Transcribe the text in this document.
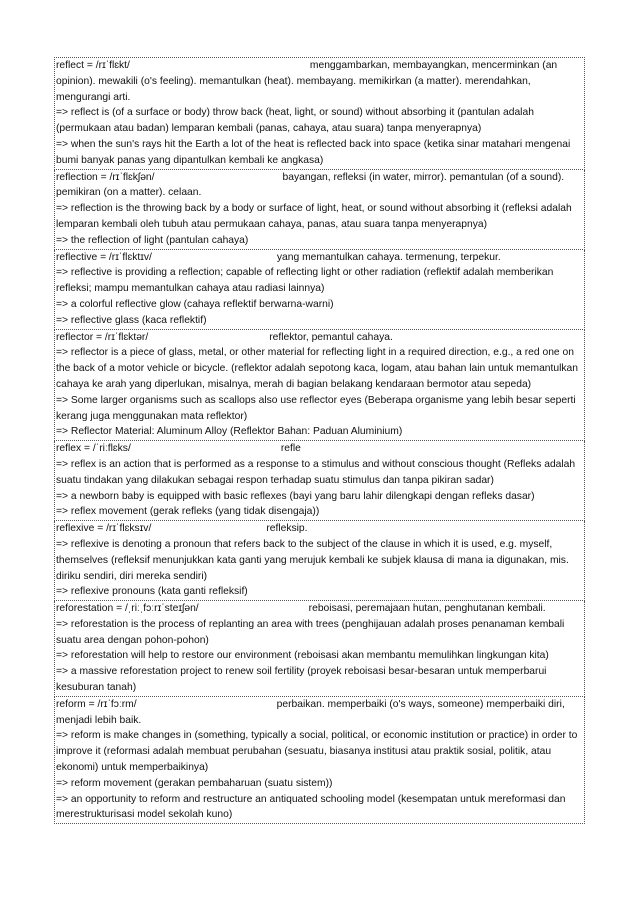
reflect = /rɪˈflɛkt/	menggambarkan, membayangkan, mencerminkan (an opinion). mewakili (o's feeling). memantulkan (heat). membayang. memikirkan (a matter). merendahkan, mengurangi arti.

=> reflect is (of a surface or body) throw back (heat, light, or sound) without absorbing it (pantulan adalah (permukaan atau badan) lemparan kembali (panas, cahaya, atau suara) tanpa menyerapnya)

=> when the sun's rays hit the Earth a lot of the heat is reflected back into space (ketika sinar matahari mengenai bumi banyak panas yang dipantulkan kembali ke angkasa)

reflection = /rɪˈflɛkʃən/	bayangan, refleksi (in water, mirror). pemantulan (of a sound). pemikiran (on a matter). celaan.

=> reflection is the throwing back by a body or surface of light, heat, or sound without absorbing it (refleksi adalah lemparan kembali oleh tubuh atau permukaan cahaya, panas, atau suara tanpa menyerapnya)

=> the reflection of light (pantulan cahaya)

reflective = /rɪˈflɛktɪv/	yang memantulkan cahaya. termenung, terpekur.

=> reflective is providing a reflection; capable of reflecting light or other radiation (reflektif adalah memberikan refleksi; mampu memantulkan cahaya atau radiasi lainnya)

=> a colorful reflective glow (cahaya reflektif berwarna-warni)

=> reflective glass (kaca reflektif)

reflector = /rɪˈflɛktər/	reflektor, pemantul cahaya.

=> reflector is a piece of glass, metal, or other material for reflecting light in a required direction, e.g., a red one on the back of a motor vehicle or bicycle. (reflektor adalah sepotong kaca, logam, atau bahan lain untuk memantulkan cahaya ke arah yang diperlukan, misalnya, merah di bagian belakang kendaraan bermotor atau sepeda)

=> Some larger organisms such as scallops also use reflector eyes (Beberapa organisme yang lebih besar seperti kerang juga menggunakan mata reflektor)

=> Reflector Material: Aluminum Alloy (Reflektor Bahan: Paduan Aluminium)

reflex = /ˈriːflɛks/	refle

=> reflex is an action that is performed as a response to a stimulus and without conscious thought (Refleks adalah suatu tindakan yang dilakukan sebagai respon terhadap suatu stimulus dan tanpa pikiran sadar)

=> a newborn baby is equipped with basic reflexes (bayi yang baru lahir dilengkapi dengan refleks dasar)

=> reflex movement (gerak refleks (yang tidak disengaja))

reflexive = /rɪˈflɛksɪv/	refleksip.

=> reflexive is denoting a pronoun that refers back to the subject of the clause in which it is used, e.g. myself, themselves (refleksif menunjukkan kata ganti yang merujuk kembali ke subjek klausa di mana ia digunakan, mis. diriku sendiri, diri mereka sendiri)

=> reflexive pronouns (kata ganti refleksif)

reforestation = /ˌriːˌfɔːrɪˈsteɪʃən/	reboisasi, peremajaan hutan, penghutanan kembali.

=> reforestation is the process of replanting an area with trees (penghijauan adalah proses penanaman kembali suatu area dengan pohon-pohon)

=> reforestation will help to restore our environment (reboisasi akan membantu memulihkan lingkungan kita)

=> a massive reforestation project to renew soil fertility (proyek reboisasi besar-besaran untuk memperbarui kesuburan tanah)

reform = /rɪˈfɔːrm/	perbaikan. memperbaiki (o's ways, someone) memperbaiki diri, menjadi lebih baik.

=> reform is make changes in (something, typically a social, political, or economic institution or practice) in order to improve it (reformasi adalah membuat perubahan (sesuatu, biasanya institusi atau praktik sosial, politik, atau ekonomi) untuk memperbaikinya)

=> reform movement (gerakan pembaharuan (suatu sistem))

=> an opportunity to reform and restructure an antiquated schooling model (kesempatan untuk mereformasi dan merestrukturisasi model sekolah kuno)
